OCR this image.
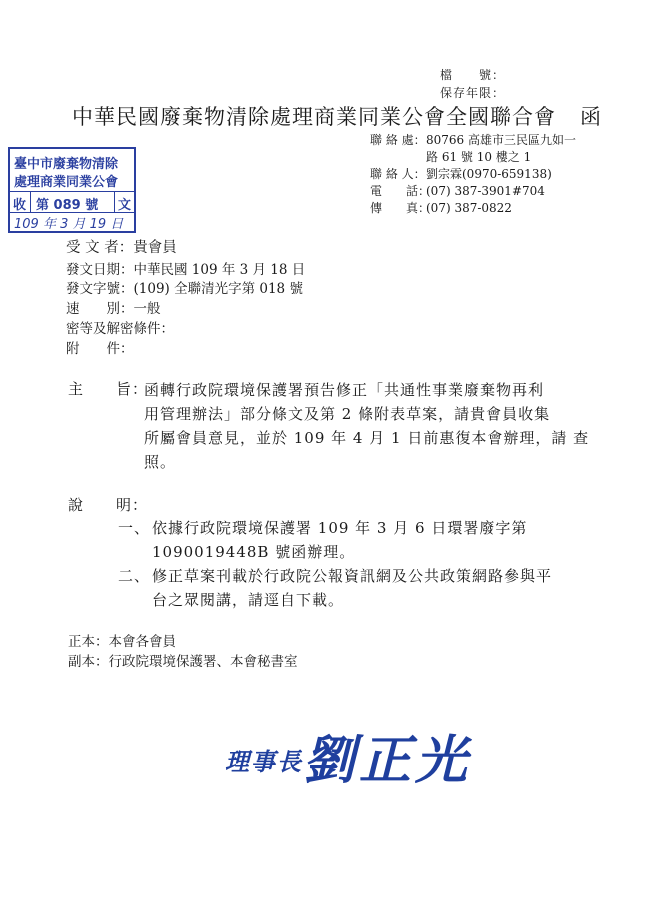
檔　　號：
保存年限：
中華民國廢棄物清除處理商業同業公會全國聯合會 函
聯 絡 處：80766 高雄市三民區九如一
路 61 號 10 樓之 1
聯 絡 人：劉宗霖(0970-659138)
電　　話：(07) 387-3901#704
傳　　真：(07) 387-0822
臺中市廢棄物清除
處理商業同業公會
收 第 089 號 文
109 年 3 月 19 日
受 文 者：貴會員
發文日期：中華民國 109 年 3 月 18 日
發文字號：(109) 全聯清光字第 018 號
速　　別：一般
密等及解密條件：
附　　件：
主　　旨：
函轉行政院環境保護署預告修正「共通性事業廢棄物再利
用管理辦法」部分條文及第 2 條附表草案，請貴會員收集
所屬會員意見，並於 109 年 4 月 1 日前惠復本會辦理，請 查
照。
說　　明：
一、 依據行政院環境保護署 109 年 3 月 6 日環署廢字第
1090019448B 號函辦理。
二、 修正草案刊載於行政院公報資訊網及公共政策網路參與平
台之眾閱講，請逕自下載。
正本：本會各會員
副本：行政院環境保護署、本會秘書室
理事長劉正光
